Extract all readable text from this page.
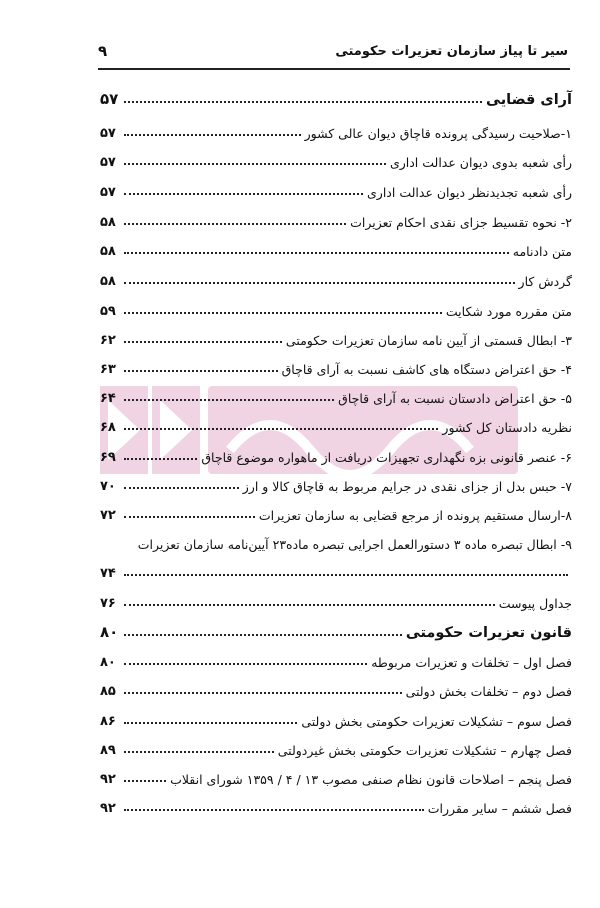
سیر تا پیاز سازمان تعزیرات حکومتی
۹
آرای قضایی
۵۷
۱-صلاحیت رسیدگی پرونده قاچاق دیوان عالی کشور
۵۷
رأی شعبه بدوی دیوان عدالت اداری
۵۷
رأی شعبه تجدیدنظر دیوان عدالت اداری
۵۷
۲- نحوه تقسیط جزای نقدی احکام تعزیرات
۵۸
متن دادنامه
۵۸
گردش کار
۵۸
متن مقرره مورد شکایت
۵۹
۳- ابطال قسمتی از آیین نامه سازمان تعزیرات حکومتی
۶۲
۴- حق اعتراض دستگاه های کاشف نسبت به آرای قاچاق
۶۳
۵- حق اعتراض دادستان نسبت به آرای قاچاق
۶۴
نظریه دادستان کل کشور
۶۸
۶- عنصر قانونی بزه نگهداری تجهیزات دریافت از ماهواره موضوع قاچاق
۶۹
۷- حبس بدل از جزای نقدی در جرایم مربوط به قاچاق کالا و ارز
۷۰
۸-ارسال مستقیم پرونده از مرجع قضایی به سازمان تعزیرات
۷۲
۹- ابطال تبصره ماده ۳ دستورالعمل اجرایی تبصره ماده۲۳ آیین‌نامه سازمان تعزیرات
۷۴
جداول پیوست
۷۶
قانون تعزیرات حکومتی
۸۰
فصل اول – تخلفات و تعزیرات مربوطه
۸۰
فصل دوم – تخلفات بخش دولتی
۸۵
فصل سوم – تشکیلات تعزیرات حکومتی بخش دولتی
۸۶
فصل چهارم – تشکیلات تعزیرات حکومتی بخش غیردولتی
۸۹
فصل پنجم – اصلاحات قانون نظام صنفی مصوب ۱۳ / ۴ / ۱۳۵۹ شورای انقلاب
۹۲
فصل ششم – سایر مقررات
۹۲
